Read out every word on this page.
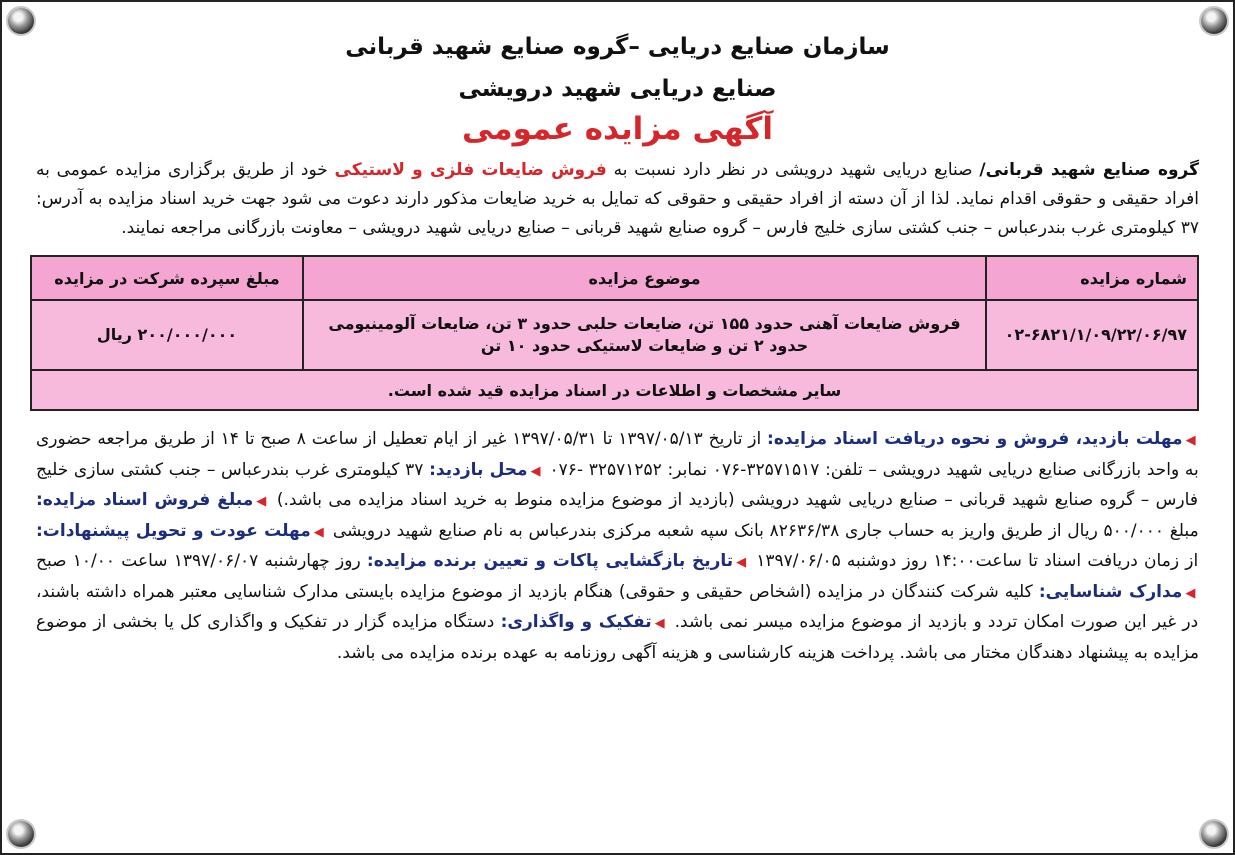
سازمان صنایع دریایی –گروه صنایع شهید قربانی
صنایع دریایی شهید درویشی
آگهی مزایده عمومی
گروه صنایع شهید قربانی/ صنایع دریایی شهید درویشی در نظر دارد نسبت به فروش ضایعات فلزی و لاستیکی خود از طریق برگزاری مزایده عمومی به افراد حقیقی و حقوقی اقدام نماید. لذا از آن دسته از افراد حقیقی و حقوقی که تمایل به خرید ضایعات مذکور دارند دعوت می شود جهت خرید اسناد مزایده به آدرس: ۳۷ کیلومتری غرب بندرعباس – جنب کشتی سازی خلیج فارس – گروه صنایع شهید قربانی – صنایع دریایی شهید درویشی – معاونت بازرگانی مراجعه نمایند.
شماره مزایده	موضوع مزایده	مبلغ سپرده شرکت در مزایده
۰۲-۶۸۲۱/۱/۰۹/۲۲/۰۶/۹۷	فروش ضایعات آهنی حدود ۱۵۵ تن، ضایعات حلبی حدود ۳ تن، ضایعات آلومینیومی
حدود ۲ تن و ضایعات لاستیکی حدود ۱۰ تن	۲۰۰/۰۰۰/۰۰۰ ریال
سایر مشخصات و اطلاعات در اسناد مزایده قید شده است.		
◀مهلت بازدید، فروش و نحوه دریافت اسناد مزایده: از تاریخ ۱۳۹۷/۰۵/۱۳ تا ۱۳۹۷/۰۵/۳۱ غیر از ایام تعطیل از ساعت ۸ صبح تا ۱۴ از طریق مراجعه حضوری به واحد بازرگانی صنایع دریایی شهید درویشی – تلفن: ۳۲۵۷۱۵۱۷-۰۷۶ نمابر: ۳۲۵۷۱۲۵۲ -۰۷۶ ◀محل بازدید: ۳۷ کیلومتری غرب بندرعباس – جنب کشتی سازی خلیج فارس – گروه صنایع شهید قربانی – صنایع دریایی شهید درویشی (بازدید از موضوع مزایده منوط به خرید اسناد مزایده می باشد.) ◀مبلغ فروش اسناد مزایده: مبلغ ۵۰۰/۰۰۰ ریال از طریق واریز به حساب جاری ۸۲۶۳۶/۳۸ بانک سپه شعبه مرکزی بندرعباس به نام صنایع شهید درویشی ◀مهلت عودت و تحویل پیشنهادات: از زمان دریافت اسناد تا ساعت۱۴:۰۰ روز دوشنبه ۱۳۹۷/۰۶/۰۵ ◀تاریخ بازگشایی پاکات و تعیین برنده مزایده: روز چهارشنبه ۱۳۹۷/۰۶/۰۷ ساعت ۱۰/۰۰ صبح ◀مدارک شناسایی: کلیه شرکت کنندگان در مزایده (اشخاص حقیقی و حقوقی) هنگام بازدید از موضوع مزایده بایستی مدارک شناسایی معتبر همراه داشته باشند، در غیر این صورت امکان تردد و بازدید از موضوع مزایده میسر نمی باشد. ◀تفکیک و واگذاری: دستگاه مزایده گزار در تفکیک و واگذاری کل یا بخشی از موضوع مزایده به پیشنهاد دهندگان مختار می باشد. پرداخت هزینه کارشناسی و هزینه آگهی روزنامه به عهده برنده مزایده می باشد.
